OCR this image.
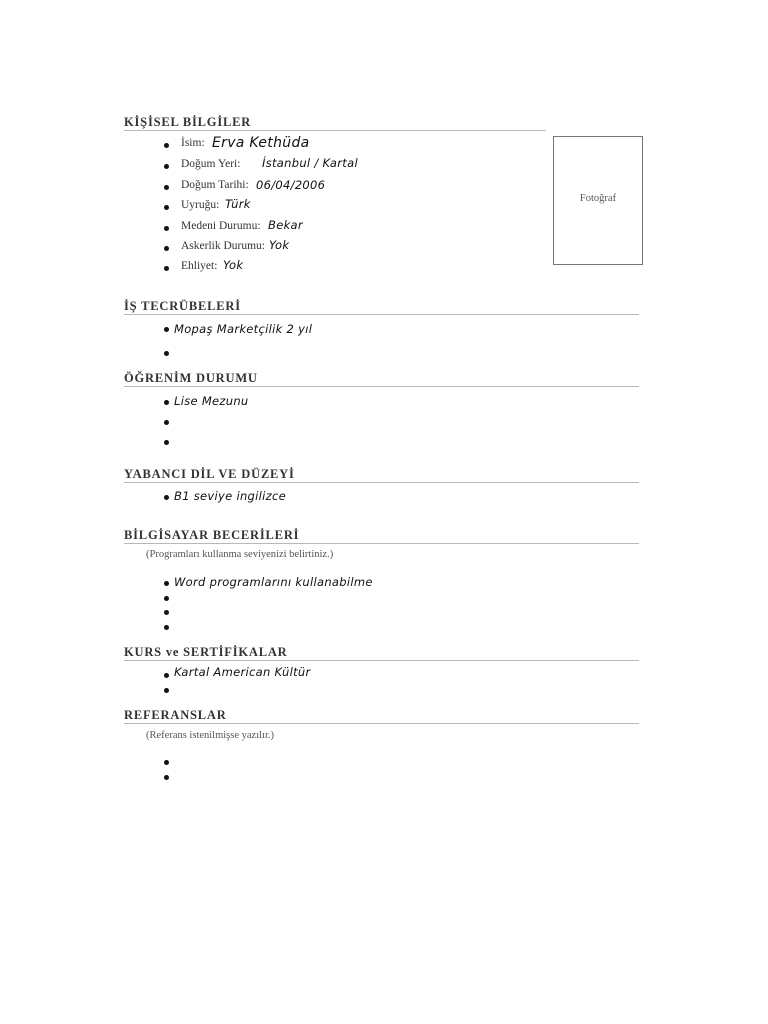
KİŞİSEL BİLGİLER
İsim: Erva Kethüda
Doğum Yeri: İstanbul / Kartal
Doğum Tarihi: 06/04/2006
Uyruğu: Türk
Medeni Durumu: Bekar
Askerlik Durumu: Yok
Ehliyet: Yok
Fotoğraf
İŞ TECRÜBELERİ
Mopaş Marketçilik 2 yıl
ÖĞRENİM DURUMU
Lise Mezunu
YABANCI DİL VE DÜZEYİ
B1 seviye ingilizce
BİLGİSAYAR BECERİLERİ
(Programları kullanma seviyenizi belirtiniz.)
Word programlarını kullanabilme
KURS ve SERTİFİKALAR
Kartal American Kültür
REFERANSLAR
(Referans istenilmişse yazılır.)
